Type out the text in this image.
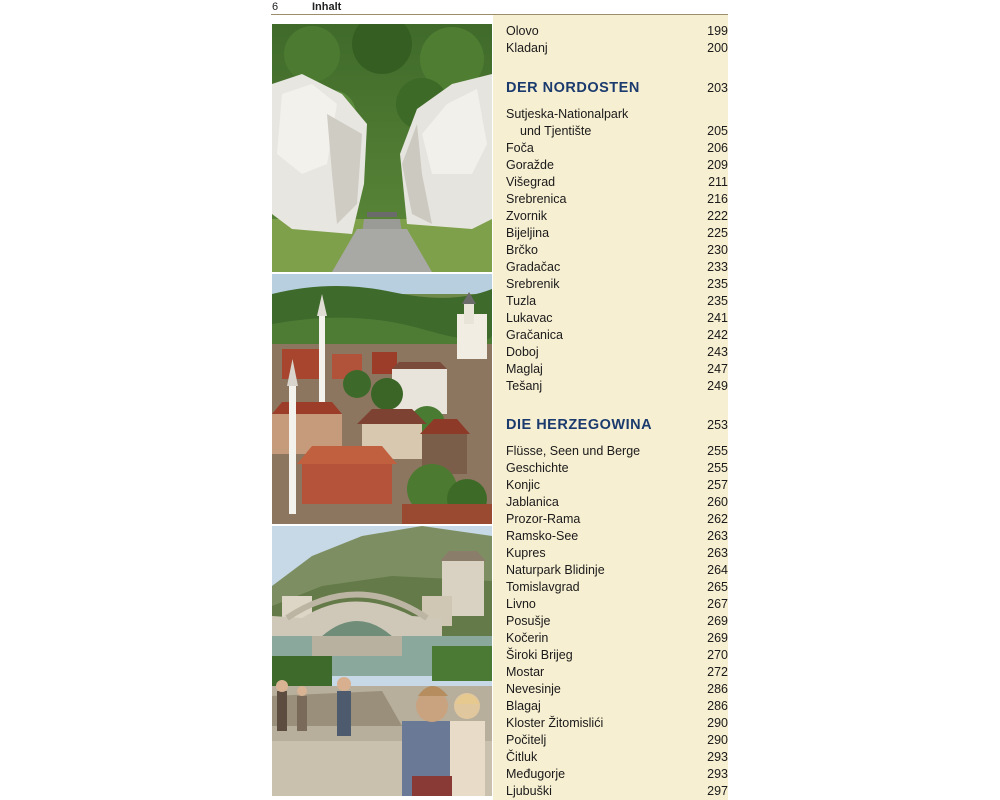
6	Inhalt
Olovo	199
Kladanj	200
DER NORDOSTEN	203
Sutjeska-Nationalpark
und Tjentište	205
Foča	206
Goražde	209
Višegrad	211
Srebrenica	216
Zvornik	222
Bijeljina	225
Brčko	230
Gradačac	233
Srebrenik	235
Tuzla	235
Lukavac	241
Gračanica	242
Doboj	243
Maglaj	247
Tešanj	249
DIE HERZEGOWINA	253
Flüsse, Seen und Berge	255
Geschichte	255
Konjic	257
Jablanica	260
Prozor-Rama	262
Ramsko-See	263
Kupres	263
Naturpark Blidinje	264
Tomislavgrad	265
Livno	267
Posušje	269
Kočerin	269
Široki Brijeg	270
Mostar	272
Nevesinje	286
Blagaj	286
Kloster Žitomislići	290
Počitelj	290
Čitluk	293
Međugorje	293
Ljubuški	297
